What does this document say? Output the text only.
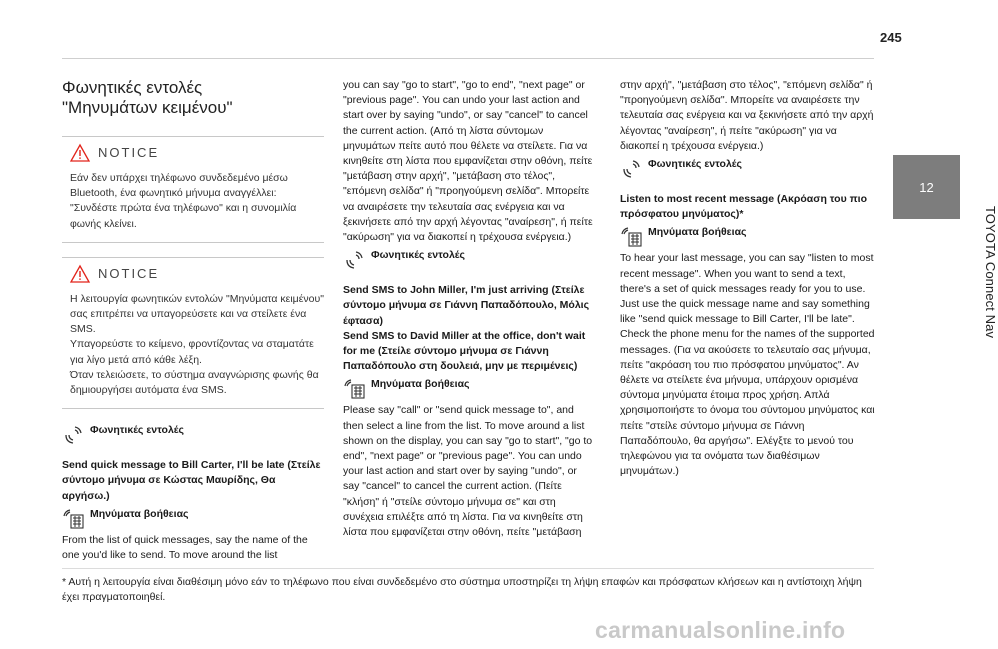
245
12
TOYOTA Connect Nav
Φωνητικές εντολές
"Μηνυμάτων κειμένου"
NOTICE

Εάν δεν υπάρχει τηλέφωνο συνδεδεμένο μέσω Bluetooth, ένα φωνητικό μήνυμα αναγγέλλει: "Συνδέστε πρώτα ένα τηλέφωνο" και η συνομιλία φωνής κλείνει.

NOTICE

Η λειτουργία φωνητικών εντολών "Μηνύματα κειμένου" σας επιτρέπει να υπαγορεύσετε και να στείλετε ένα SMS.

Υπαγορεύστε το κείμενο, φροντίζοντας να σταματάτε για λίγο μετά από κάθε λέξη.

Όταν τελειώσετε, το σύστημα αναγνώρισης φωνής θα δημιουργήσει αυτόματα ένα SMS.

Φωνητικές εντολές

Send quick message to Bill Carter, I'll be late (Στείλε σύντομο μήνυμα σε Κώστας Μαυρίδης, Θα αργήσω.)

Μηνύματα βοήθειας

From the list of quick messages, say the name of the one you'd like to send. To move around the list

you can say "go to start", "go to end", "next page" or "previous page". You can undo your last action and start over by saying "undo", or say "cancel" to cancel the current action. (Από τη λίστα σύντομων μηνυμάτων πείτε αυτό που θέλετε να στείλετε. Για να κινηθείτε στη λίστα που εμφανίζεται στην οθόνη, πείτε "μετάβαση στην αρχή", "μετάβαση στο τέλος", "επόμενη σελίδα" ή "προηγούμενη σελίδα". Μπορείτε να αναιρέσετε την τελευταία σας ενέργεια και να ξεκινήσετε από την αρχή λέγοντας "αναίρεση", ή πείτε "ακύρωση" για να διακοπεί η τρέχουσα ενέργεια.)

Φωνητικές εντολές

Send SMS to John Miller, I'm just arriving (Στείλε σύντομο μήνυμα σε Γιάννη Παπαδόπουλο, Μόλις έφτασα)

Send SMS to David Miller at the office, don't wait for me (Στείλε σύντομο μήνυμα σε Γιάννη Παπαδόπουλο στη δουλειά, μην με περιμένεις)

Μηνύματα βοήθειας

Please say "call" or "send quick message to", and then select a line from the list. To move around a list shown on the display, you can say "go to start", "go to end", "next page" or "previous page". You can undo your last action and start over by saying "undo", or say "cancel" to cancel the current action. (Πείτε "κλήση" ή "στείλε σύντομο μήνυμα σε" και στη συνέχεια επιλέξτε από τη λίστα. Για να κινηθείτε στη λίστα που εμφανίζεται στην οθόνη, πείτε "μετάβαση

στην αρχή", "μετάβαση στο τέλος", "επόμενη σελίδα" ή "προηγούμενη σελίδα". Μπορείτε να αναιρέσετε την τελευταία σας ενέργεια και να ξεκινήσετε από την αρχή λέγοντας "αναίρεση", ή πείτε "ακύρωση" για να διακοπεί η τρέχουσα ενέργεια.)

Φωνητικές εντολές

Listen to most recent message (Ακρόαση του πιο πρόσφατου μηνύματος)*

Μηνύματα βοήθειας

To hear your last message, you can say "listen to most recent message". When you want to send a text, there's a set of quick messages ready for you to use. Just use the quick message name and say something like "send quick message to Bill Carter, I'll be late". Check the phone menu for the names of the supported messages. (Για να ακούσετε το τελευταίο σας μήνυμα, πείτε "ακρόαση του πιο πρόσφατου μηνύματος". Αν θέλετε να στείλετε ένα μήνυμα, υπάρχουν ορισμένα σύντομα μηνύματα έτοιμα προς χρήση. Απλά χρησιμοποιήστε το όνομα του σύντομου μηνύματος και πείτε "στείλε σύντομο μήνυμα σε Γιάννη Παπαδόπουλο, θα αργήσω". Ελέγξτε το μενού του τηλεφώνου για τα ονόματα των διαθέσιμων μηνυμάτων.)

* Αυτή η λειτουργία είναι διαθέσιμη μόνο εάν το τηλέφωνο που είναι συνδεδεμένο στο σύστημα υποστηρίζει τη λήψη επαφών και πρόσφατων κλήσεων και η αντίστοιχη λήψη έχει πραγματοποιηθεί.

carmanualsonline.info
